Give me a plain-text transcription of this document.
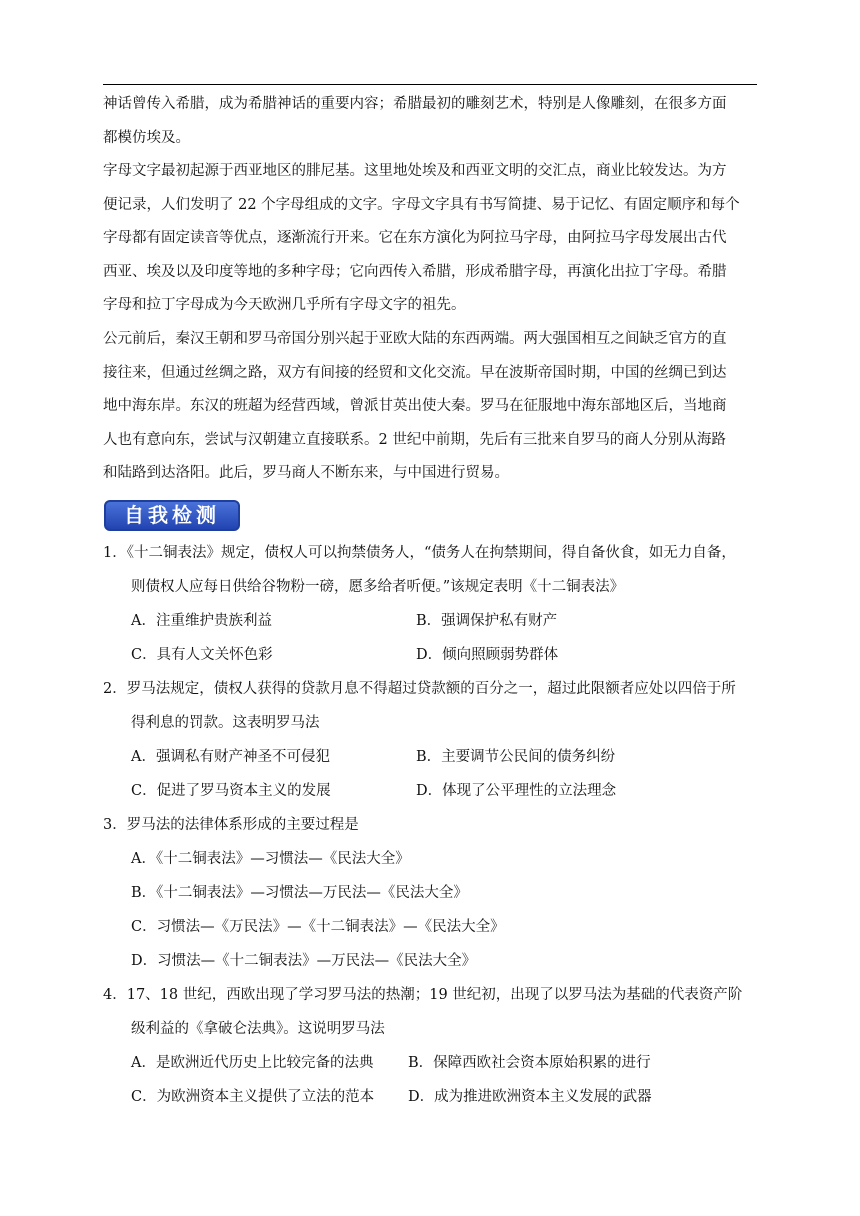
神话曾传入希腊，成为希腊神话的重要内容；希腊最初的雕刻艺术，特别是人像雕刻，在很多方面
都模仿埃及。
字母文字最初起源于西亚地区的腓尼基。这里地处埃及和西亚文明的交汇点，商业比较发达。为方
便记录，人们发明了 22 个字母组成的文字。字母文字具有书写简捷、易于记忆、有固定顺序和每个
字母都有固定读音等优点，逐渐流行开来。它在东方演化为阿拉马字母，由阿拉马字母发展出古代
西亚、埃及以及印度等地的多种字母；它向西传入希腊，形成希腊字母，再演化出拉丁字母。希腊
字母和拉丁字母成为今天欧洲几乎所有字母文字的祖先。
公元前后，秦汉王朝和罗马帝国分别兴起于亚欧大陆的东西两端。两大强国相互之间缺乏官方的直
接往来，但通过丝绸之路，双方有间接的经贸和文化交流。早在波斯帝国时期，中国的丝绸已到达
地中海东岸。东汉的班超为经营西域，曾派甘英出使大秦。罗马在征服地中海东部地区后，当地商
人也有意向东，尝试与汉朝建立直接联系。2 世纪中前期，先后有三批来自罗马的商人分别从海路
和陆路到达洛阳。此后，罗马商人不断东来，与中国进行贸易。
自我检测
1．《十二铜表法》规定，债权人可以拘禁债务人，“债务人在拘禁期间，得自备伙食，如无力自备，
则债权人应每日供给谷物粉一磅，愿多给者听便。”该规定表明《十二铜表法》
A．注重维护贵族利益	B．强调保护私有财产
C．具有人文关怀色彩	D．倾向照顾弱势群体
2．罗马法规定，债权人获得的贷款月息不得超过贷款额的百分之一，超过此限额者应处以四倍于所
得利息的罚款。这表明罗马法
A．强调私有财产神圣不可侵犯	B．主要调节公民间的债务纠纷
C．促进了罗马资本主义的发展	D．体现了公平理性的立法理念
3．罗马法的法律体系形成的主要过程是
A．《十二铜表法》—习惯法—《民法大全》
B．《十二铜表法》—习惯法—万民法—《民法大全》
C．习惯法—《万民法》—《十二铜表法》—《民法大全》
D．习惯法—《十二铜表法》—万民法—《民法大全》
4．17、18 世纪，西欧出现了学习罗马法的热潮；19 世纪初，出现了以罗马法为基础的代表资产阶
级利益的《拿破仑法典》。这说明罗马法
A．是欧洲近代历史上比较完备的法典 B．保障西欧社会资本原始积累的进行
C．为欧洲资本主义提供了立法的范本 D．成为推进欧洲资本主义发展的武器
